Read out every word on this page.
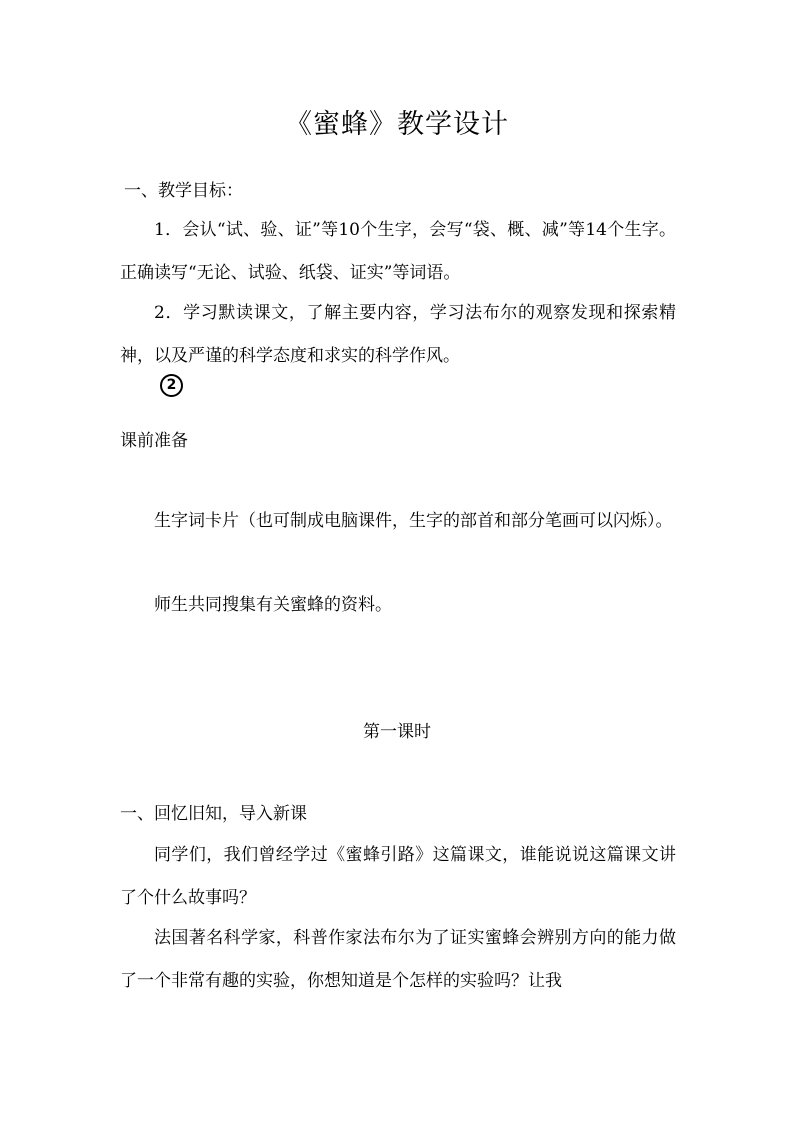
《蜜蜂》教学设计
一、教学目标：
1．会认“试、验、证”等10个生字，会写“袋、概、减”等14个生字。正确读写“无论、试验、纸袋、证实”等词语。
2．学习默读课文，了解主要内容，学习法布尔的观察发现和探索精神，以及严谨的科学态度和求实的科学作风。
2
课前准备
生字词卡片（也可制成电脑课件，生字的部首和部分笔画可以闪烁）。
师生共同搜集有关蜜蜂的资料。
第一课时
一、回忆旧知，导入新课
同学们，我们曾经学过《蜜蜂引路》这篇课文，谁能说说这篇课文讲了个什么故事吗？
法国著名科学家，科普作家法布尔为了证实蜜蜂会辨别方向的能力做了一个非常有趣的实验，你想知道是个怎样的实验吗？让我
